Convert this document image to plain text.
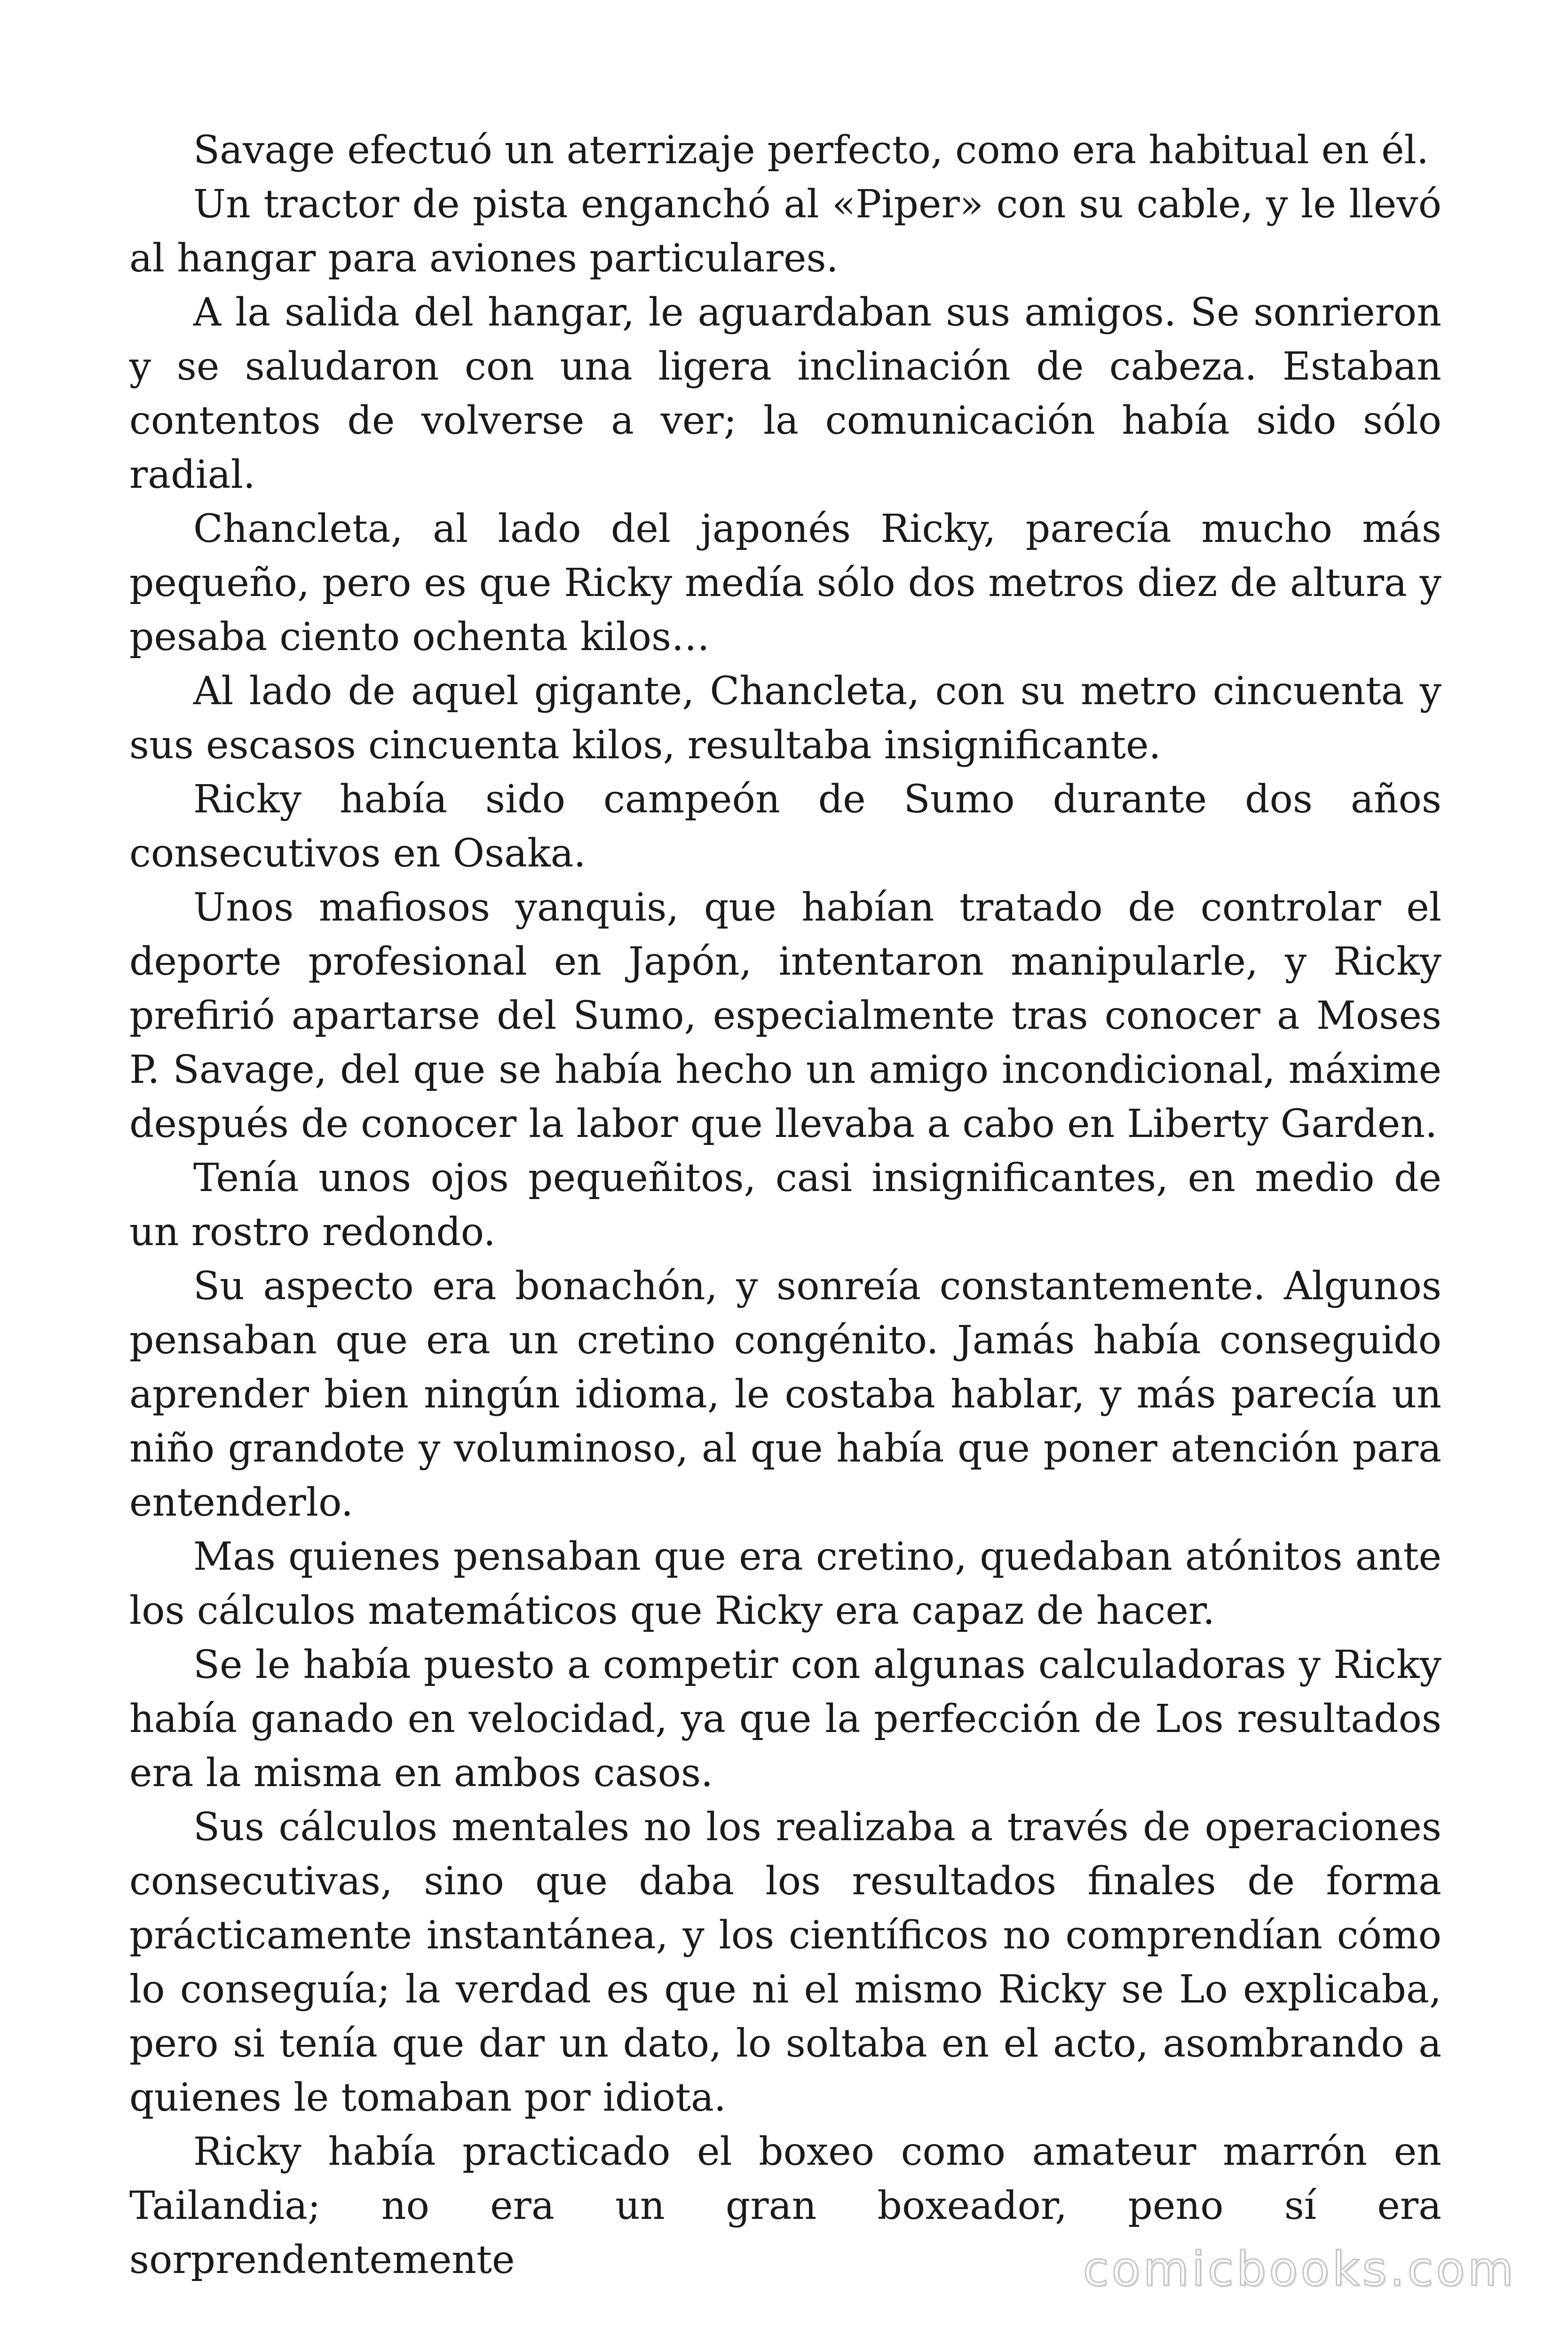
Savage efectuó un aterrizaje perfecto, como era habitual en él.

Un tractor de pista enganchó al «Piper» con su cable, y le llevó al hangar para aviones particulares.

A la salida del hangar, le aguardaban sus amigos. Se sonrieron y se saludaron con una ligera inclinación de cabeza. Estaban contentos de volverse a ver; la comunicación había sido sólo radial.

Chancleta, al lado del japonés Ricky, parecía mucho más pequeño, pero es que Ricky medía sólo dos metros diez de altura y pesaba ciento ochenta kilos…

Al lado de aquel gigante, Chancleta, con su metro cincuenta y sus escasos cincuenta kilos, resultaba insignificante.

Ricky había sido campeón de Sumo durante dos años consecutivos en Osaka.

Unos mafiosos yanquis, que habían tratado de controlar el deporte profesional en Japón, intentaron manipularle, y Ricky prefirió apartarse del Sumo, especialmente tras conocer a Moses P. Savage, del que se había hecho un amigo incondicional, máxime después de conocer la labor que llevaba a cabo en Liberty Garden.

Tenía unos ojos pequeñitos, casi insignificantes, en medio de un rostro redondo.

Su aspecto era bonachón, y sonreía constantemente. Algunos pensaban que era un cretino congénito. Jamás había conseguido aprender bien ningún idioma, le costaba hablar, y más parecía un niño grandote y voluminoso, al que había que poner atención para entenderlo.

Mas quienes pensaban que era cretino, quedaban atónitos ante los cálculos matemáticos que Ricky era capaz de hacer.

Se le había puesto a competir con algunas calculadoras y Ricky había ganado en velocidad, ya que la perfección de Los resultados era la misma en ambos casos.

Sus cálculos mentales no los realizaba a través de operaciones consecutivas, sino que daba los resultados finales de forma prácticamente instantánea, y los científicos no comprendían cómo lo conseguía; la verdad es que ni el mismo Ricky se Lo explicaba, pero si tenía que dar un dato, lo soltaba en el acto, asombrando a quienes le tomaban por idiota.

Ricky había practicado el boxeo como amateur marrón en Tailandia; no era un gran boxeador, peno sí era sorprendentemente	comicbooks.com
